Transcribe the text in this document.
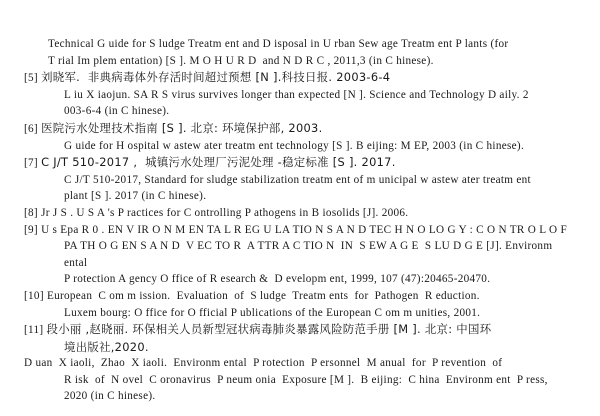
Technical G uide for S ludge Treatm ent and D isposal in U rban Sew age Treatm ent P lants (for
T rial Im plem entation) [S ]. M O H U R D  and N D R C , 2011,3 (in C hinese).
[5] 刘晓军.  非典病毒体外存活时间超过预想 [N ].科技日报. 2003-6-4
L iu X iaojun. SA R S virus survives longer than expected [N ]. Science and Technology D aily. 2
003-6-4 (in C hinese).
[6] 医院污水处理技术指南 [S ]. 北京: 环境保护部, 2003.
G uide for H ospital w astew ater treatm ent technology [S ]. B eijing: M EP, 2003 (in C hinese).
[7] C J/T 510-2017 ,  城镇污水处理厂污泥处理 -稳定标准 [S ]. 2017.
C J/T 510-2017, Standard for sludge stabilization treatm ent of m unicipal w astew ater treatm ent
plant [S ]. 2017 (in C hinese).
[8] Jr J S . U S A 's P ractices for C ontrolling P athogens in B iosolids [J]. 2006.
[9] U s Epa R 0 . EN V IR O N M EN TA L R EG U LA TIO N S A N D TEC H N O LO G Y : C O N TR O L O F
PA TH O G EN S A N D  V EC TO R  A TTR A C TIO N  IN  S EW A G E  S LU D G E [J]. Environm ental
P rotection A gency O ffice of R esearch &  D evelopm ent, 1999, 107 (47):20465-20470.
[10] European  C om m ission.  Evaluation  of  S ludge  Treatm ents  for  Pathogen  R eduction.
Luxem bourg: O ffice for O fficial P ublications of the European C om m unities, 2001.
[11] 段小丽 ,赵晓丽. 环保相关人员新型冠状病毒肺炎暴露风险防范手册 [M ]. 北京: 中国环
境出版社,2020.
D uan  X iaoli,  Zhao  X iaoli.  Environm ental  P rotection  P ersonnel  M anual  for  P revention  of
R isk  of  N ovel  C oronavirus  P neum onia  Exposure [M ].  B eijing:  C hina  Environm ent  P ress,
2020 (in C hinese).
